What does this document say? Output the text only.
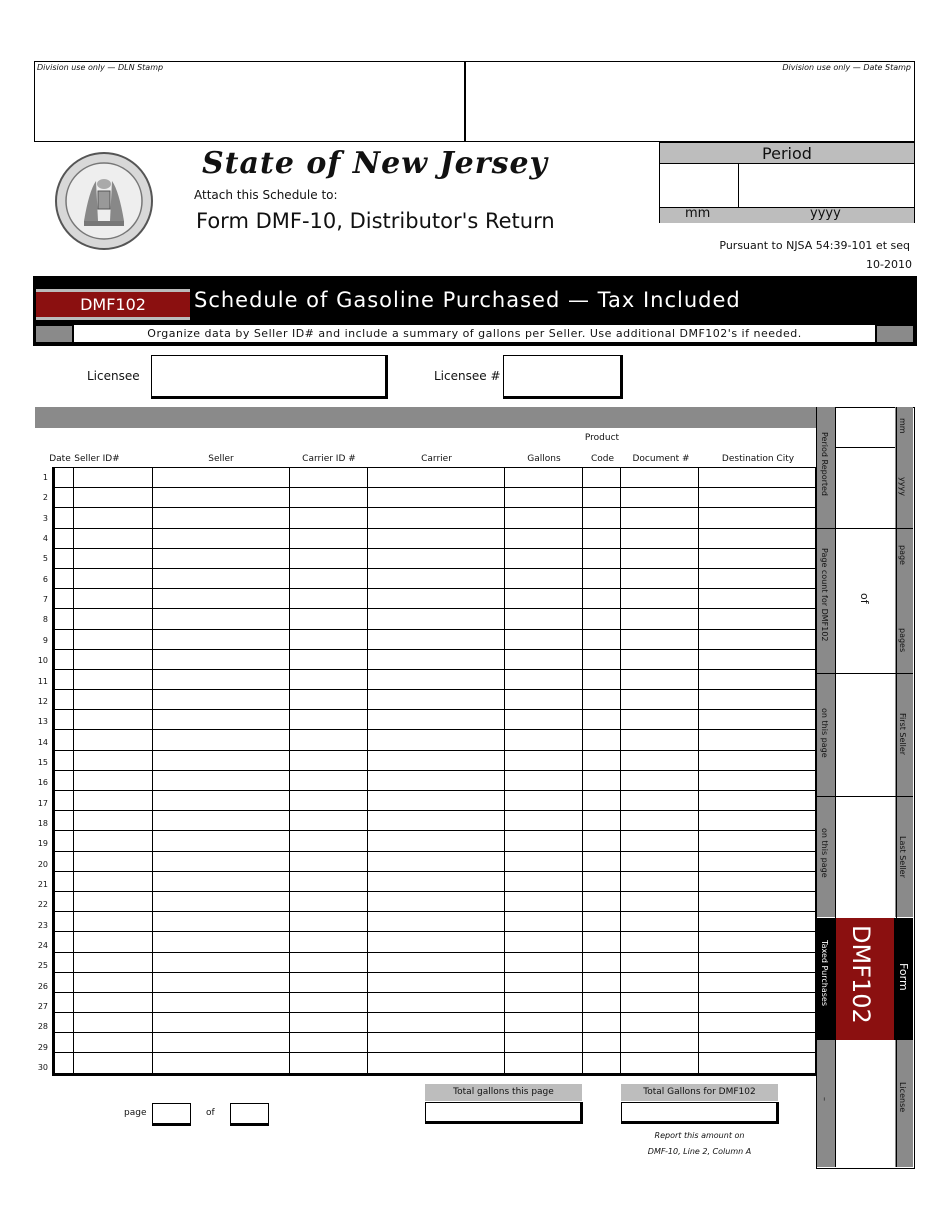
Division use only — DLN Stamp	Division use only — Date Stamp
State of New Jersey
Attach this Schedule to:
Form DMF-10, Distributor's Return
Pursuant to NJSA 54:39-101 et seq
10-2010
Period
mm	yyyy
DMF102	Schedule of Gasoline Purchased — Tax Included
Organize data by Seller ID# and include a summary of gallons per Seller. Use additional DMF102's if needed.
Licensee	Licensee #
Product
Date Seller ID#	Seller	Carrier ID #	Carrier	Gallons	Code	Document #	Destination City
1
2
3
4
5
6
7
8
9
10
11
12
13
14
15
16
17
18
19
20
21
22
23
24
25
26
27
28
29
30

page	of
Total gallons this page	Total Gallons for DMF102
Report this amount on
DMF-10, Line 2, Column A
Period Reported
mm
yyyy
Page count for DMF102	page
of
pages
on this page	First Seller
on this page	Last Seller
Taxed Purchases DMF102 Form
–	License
